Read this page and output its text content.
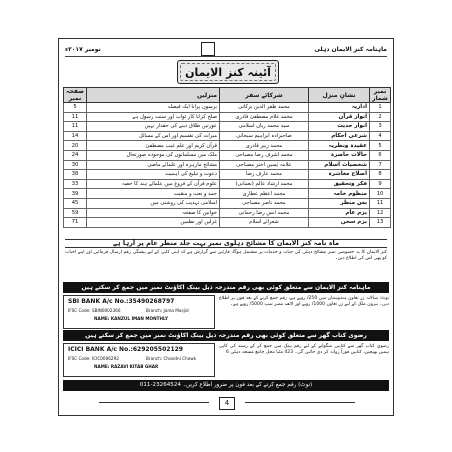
ماہنامہ کنز الایمان دہلی
نومبر ۲۰۱۷ء
آئینہ کنز الایمان
نمبر شمار	نشانِ منزل	شرکائے سفر	منزلیں	صفحہ نمبر
1	اداریہ	محمد ظفر الدین برکاتی	برسوں پرانا ایک فیصلہ	5
2	انوار قرآن	محمد غلام مصطفیٰ قادری	صلح کرانا کار ثواب اور سنت رسول ہے	11
3	انوار حدیث	سید محمد ریان اسلامی	عورتیں طلاق دینے کی حقدار نہیں	11
4	شرعی احکام	صاحبزادہ ابراہیم سبحانی	میراث کی تقسیم اور اس کے مسائل	14
5	عقیدہ ونظریہ	محمد زبیر قادری	قرآن کریم اور علم غیب مصطفیٰ	20
6	حالات حاضرہ	محمد اشرف رضا مصباحی	ملک میں مسلمانوں کی موجودہ صورتحال	24
7	شخصیات اسلام	علامہ یٰسین اختر مصباحی	مشائخ مارہرہ اور علمائے ماضی	30
8	اصلاح معاشرہ	محمد عارف رضا	دعوت و تبلیغ کی اہمیت	38
9	فکر وتحقیق	محمد ارشاد عالم (نعمانی)	علوم قرآن کے فروغ میں علمائے ہند کا حصہ	33
10	منظوم خامہ	محمد اعظم عطاری	حمد و نعت و منقبت	39
11	بس منظر	محمد ناصر مصباحی	اسلامی تہذیب کی روشنی میں	45
12	بزم عام	محمد انس رضا رحمانی	خواتین کا صفحہ	59
13	بزم سخن	شعرائے اسلام	غزلیں اور نظمیں	71
ماہ نامہ کنز الایمان کا مشائخ دہلوی نمبر بہت جلد منظر عام پر آرہا ہے
کنز الایمان کا یہ خصوصی نمبر مشائخ دہلی کی حیات و خدمات پر مشتمل ہوگا، قارئین سے گزارش ہے کہ اپنی کاپی کے لیے پیشگی رقم ارسال فرمائیں اور اپنے احباب کو بھی اس کی اطلاع دیں۔
ماہنامہ کنز الایمان سے متعلق کوئی بھی رقم مندرجہ ذیل بینک اکاؤنٹ نمبر میں جمع کر سکتے ہیں
SBI BANK A/c No.:35490268797
IFSC Code: SBIN0002366	Branch: Jama Masjid
NAME: KANZUL IMAN MONTHLY
نوٹ: سالانہ زر تعاون ہندوستان میں 250/ روپے ہے، رقم جمع کرنے کے بعد فون پر اطلاع دیں۔ بیرون ملک کے لیے زر تعاون 1000/ روپے اور لائف ممبر شپ 5000/ روپے ہے۔
رضوی کتاب گھر سے متعلق کوئی بھی رقم مندرجہ ذیل بینک اکاؤنٹ نمبر میں جمع کر سکتے ہیں
ICICI BANK A/c No.:629205502129
IFSC Code: ICIC0006292	Branch: Chandni Chowk
NAME: RAZAVI KITAB GHAR
رضوی کتاب گھر سے کتابیں منگوانے کے لیے رقم بینک میں جمع کر کے رسید کی کاپی ہمیں بھیجیں، کتابیں فوراً روانہ کر دی جائیں گی۔ 423 مٹیا محل جامع مسجد دہلی 6
(نوٹ) رقم جمع کرنے کے بعد فون پر ضرور اطلاع کریں۔ 23264524-011
4
